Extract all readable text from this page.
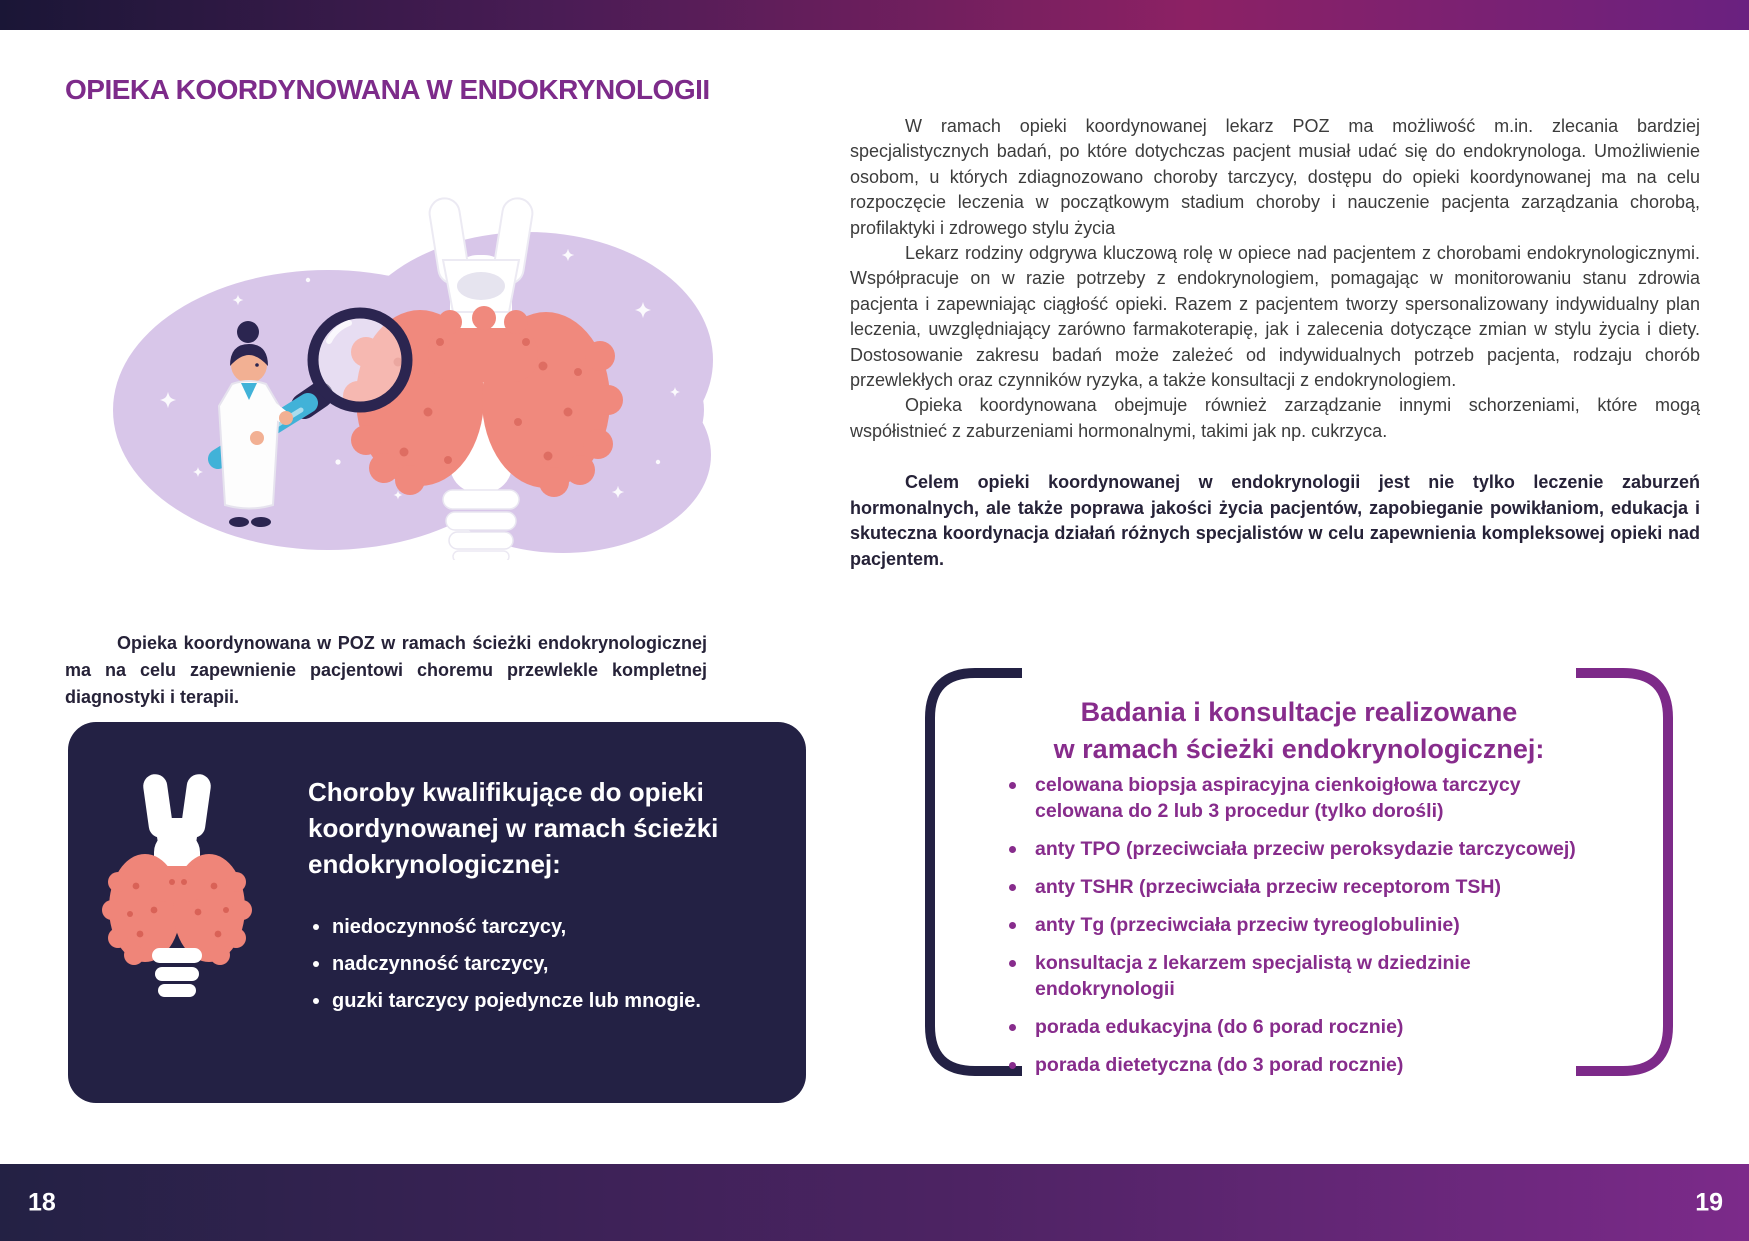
OPIEKA KOORDYNOWANA W ENDOKRYNOLOGII
Opieka koordynowana w POZ w ramach ścieżki endokrynologicznej ma na celu zapewnienie pacjentowi choremu przewlekle kompletnej diagnostyki i terapii.
Choroby kwalifikujące do opieki koordynowanej w ramach ścieżki endokrynologicznej:
niedoczynność tarczycy,
nadczynność tarczycy,
guzki tarczycy pojedyncze lub mnogie.

W ramach opieki koordynowanej lekarz POZ ma możliwość m.in. zlecania bardziej specjalistycznych badań, po które dotychczas pacjent musiał udać się do endokrynologa. Umożliwienie osobom, u których zdiagnozowano choroby tarczycy, dostępu do opieki koordynowanej ma na celu rozpoczęcie leczenia w początkowym stadium choroby i nauczenie pacjenta zarządzania chorobą, profilaktyki i zdrowego stylu życia

Lekarz rodziny odgrywa kluczową rolę w opiece nad pacjentem z chorobami endokrynologicznymi. Współpracuje on w razie potrzeby z endokrynologiem, pomagając w monitorowaniu stanu zdrowia pacjenta i zapewniając ciągłość opieki. Razem z pacjentem tworzy spersonalizowany indywidualny plan leczenia, uwzględniający zarówno farmakoterapię, jak i zalecenia dotyczące zmian w stylu życia i diety. Dostosowanie zakresu badań może zależeć od indywidualnych potrzeb pacjenta, rodzaju chorób przewlekłych oraz czynników ryzyka, a także konsultacji z endokrynologiem.

Opieka koordynowana obejmuje również zarządzanie innymi schorzeniami, które mogą współistnieć z zaburzeniami hormonalnymi, takimi jak np. cukrzyca.

Celem opieki koordynowanej w endokrynologii jest nie tylko leczenie zaburzeń hormonalnych, ale także poprawa jakości życia pacjentów, zapobieganie powikłaniom, edukacja i skuteczna koordynacja działań różnych specjalistów w celu zapewnienia kompleksowej opieki nad pacjentem.

Badania i konsultacje realizowane
w ramach ścieżki endokrynologicznej:
celowana biopsja aspiracyjna cienkoigłowa tarczycy celowana do 2 lub 3 procedur (tylko dorośli)
anty TPO (przeciwciała przeciw peroksydazie tarczycowej)
anty TSHR (przeciwciała przeciw receptorom TSH)
anty Tg (przeciwciała przeciw tyreoglobulinie)
konsultacja z lekarzem specjalistą w dziedzinie endokrynologii
porada edukacyjna (do 6 porad rocznie)
porada dietetyczna (do 3 porad rocznie)
18	19
